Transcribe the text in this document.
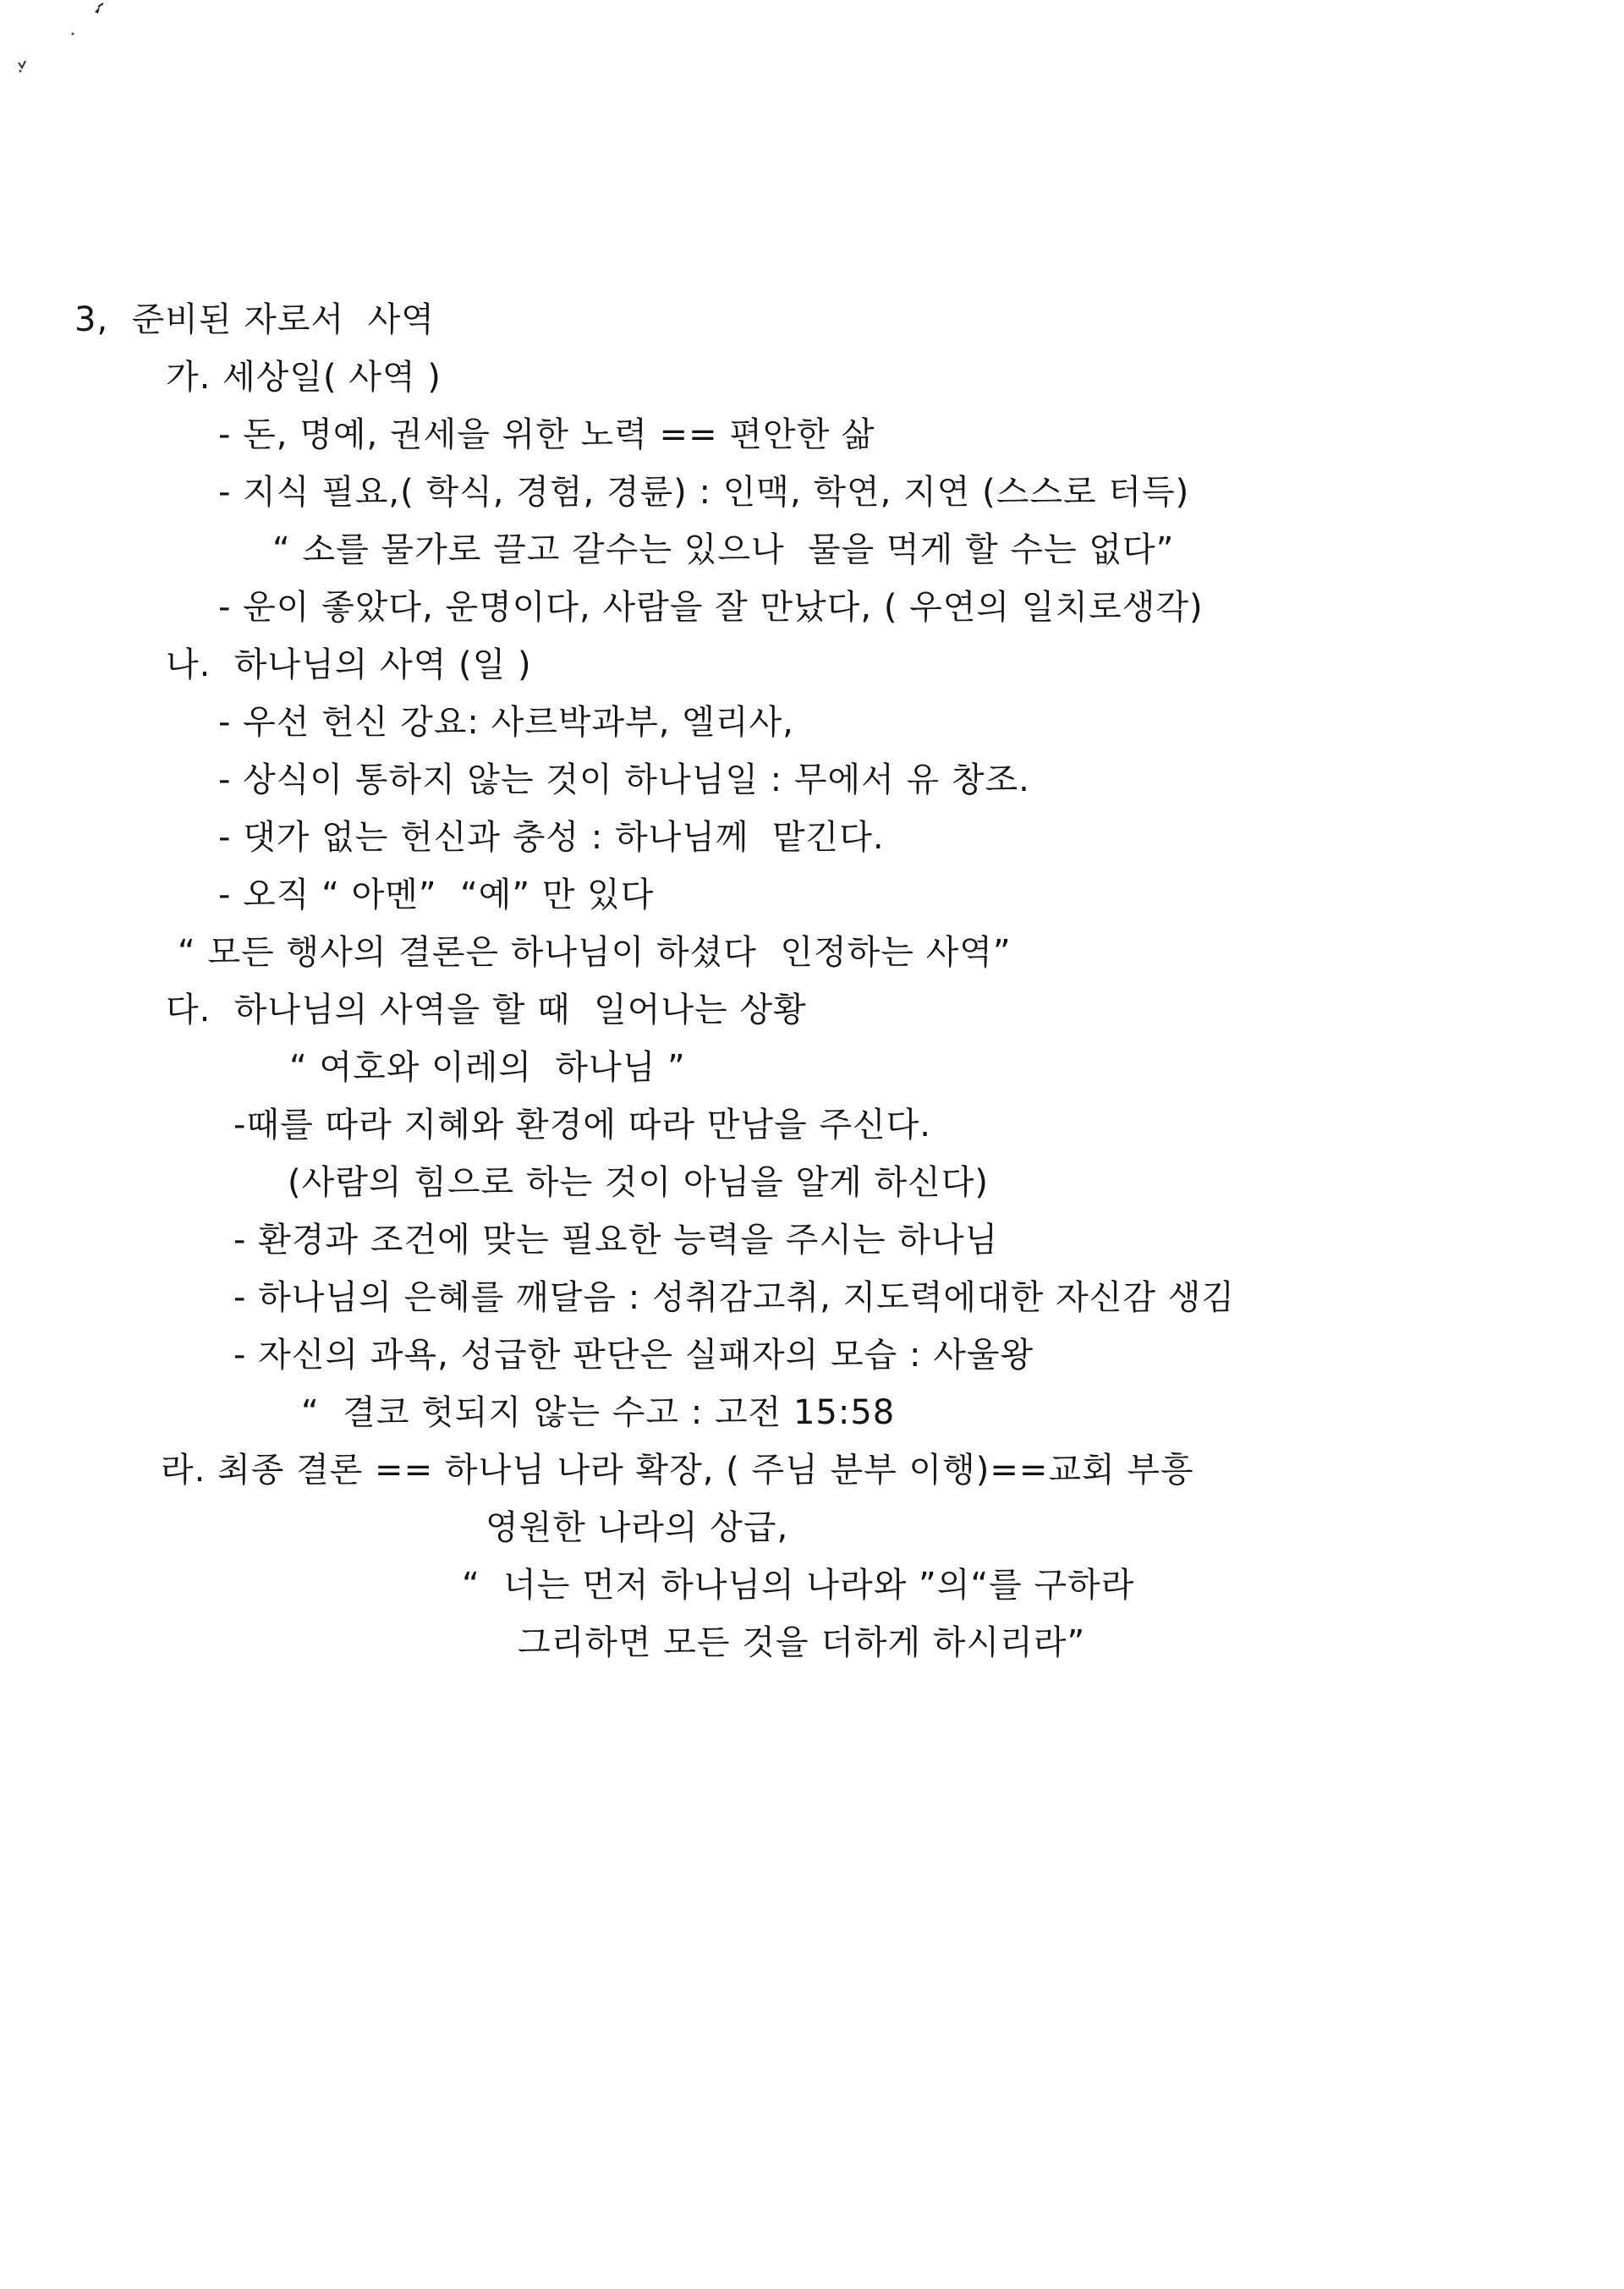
3,  준비된 자로서  사역
가. 세상일( 사역 )
- 돈, 명예, 권세을 위한 노력 == 편안한 삶
- 지식 필요,( 학식, 경험, 경륜) : 인맥, 학연, 지연 (스스로 터득)
“ 소를 물가로 끌고 갈수는 있으나  물을 먹게 할 수는 없다”
- 운이 좋았다, 운명이다, 사람을 잘 만났다, ( 우연의 일치로생각)
나.  하나님의 사역 (일 )
- 우선 헌신 강요: 사르박과부, 엘리사,
- 상식이 통하지 않는 것이 하나님일 : 무에서 유 창조.
- 댓가 없는 헌신과 충성 : 하나님께  맡긴다.
- 오직 “ 아멘”  “예” 만 있다
“ 모든 행사의 결론은 하나님이 하셨다  인정하는 사역”
다.  하나님의 사역을 할 때  일어나는 상황
“ 여호와 이레의  하나님 ”
-때를 따라 지혜와 환경에 따라 만남을 주신다.
(사람의 힘으로 하는 것이 아님을 알게 하신다)
- 환경과 조건에 맞는 필요한 능력을 주시는 하나님
- 하나님의 은혜를 깨달음 : 성취감고취, 지도력에대한 자신감 생김
- 자신의 과욕, 성급한 판단은 실패자의 모습 : 사울왕
“  결코 헛되지 않는 수고 : 고전 15:58
라. 최종 결론 == 하나님 나라 확장, ( 주님 분부 이행)==교회 부흥
영원한 나라의 상급,
“  너는 먼저 하나님의 나라와 ”의“를 구하라
그리하면 모든 것을 더하게 하시리라”
